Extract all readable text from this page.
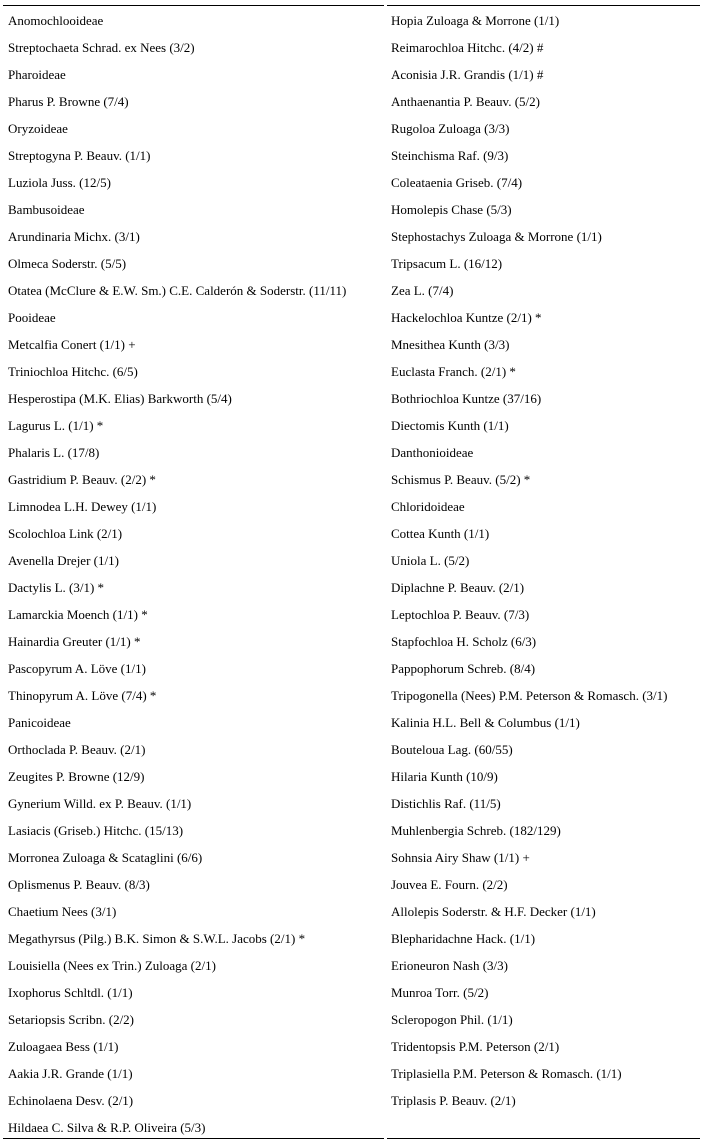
Anomochlooideae
Streptochaeta Schrad. ex Nees (3/2)
Pharoideae
Pharus P. Browne (7/4)
Oryzoideae
Streptogyna P. Beauv. (1/1)
Luziola Juss. (12/5)
Bambusoideae
Arundinaria Michx. (3/1)
Olmeca Soderstr. (5/5)
Otatea (McClure & E.W. Sm.) C.E. Calderón & Soderstr. (11/11)
Pooideae
Metcalfia Conert (1/1) +
Triniochloa Hitchc. (6/5)
Hesperostipa (M.K. Elias) Barkworth (5/4)
Lagurus L. (1/1) *
Phalaris L. (17/8)
Gastridium P. Beauv. (2/2) *
Limnodea L.H. Dewey (1/1)
Scolochloa Link (2/1)
Avenella Drejer (1/1)
Dactylis L. (3/1) *
Lamarckia Moench (1/1) *
Hainardia Greuter (1/1) *
Pascopyrum A. Löve (1/1)
Thinopyrum A. Löve (7/4) *
Panicoideae
Orthoclada P. Beauv. (2/1)
Zeugites P. Browne (12/9)
Gynerium Willd. ex P. Beauv. (1/1)
Lasiacis (Griseb.) Hitchc. (15/13)
Morronea Zuloaga & Scataglini (6/6)
Oplismenus P. Beauv. (8/3)
Chaetium Nees (3/1)
Megathyrsus (Pilg.) B.K. Simon & S.W.L. Jacobs (2/1) *
Louisiella (Nees ex Trin.) Zuloaga (2/1)
Ixophorus Schltdl. (1/1)
Setariopsis Scribn. (2/2)
Zuloagaea Bess (1/1)
Aakia J.R. Grande (1/1)
Echinolaena Desv. (2/1)
Hildaea C. Silva & R.P. Oliveira (5/3)
Hopia Zuloaga & Morrone (1/1)
Reimarochloa Hitchc. (4/2) #
Aconisia J.R. Grandis (1/1) #
Anthaenantia P. Beauv. (5/2)
Rugoloa Zuloaga (3/3)
Steinchisma Raf. (9/3)
Coleataenia Griseb. (7/4)
Homolepis Chase (5/3)
Stephostachys Zuloaga & Morrone (1/1)
Tripsacum L. (16/12)
Zea L. (7/4)
Hackelochloa Kuntze (2/1) *
Mnesithea Kunth (3/3)
Euclasta Franch. (2/1) *
Bothriochloa Kuntze (37/16)
Diectomis Kunth (1/1)
Danthonioideae
Schismus P. Beauv. (5/2) *
Chloridoideae
Cottea Kunth (1/1)
Uniola L. (5/2)
Diplachne P. Beauv. (2/1)
Leptochloa P. Beauv. (7/3)
Stapfochloa H. Scholz (6/3)
Pappophorum Schreb. (8/4)
Tripogonella (Nees) P.M. Peterson & Romasch. (3/1)
Kalinia H.L. Bell & Columbus (1/1)
Bouteloua Lag. (60/55)
Hilaria Kunth (10/9)
Distichlis Raf. (11/5)
Muhlenbergia Schreb. (182/129)
Sohnsia Airy Shaw (1/1) +
Jouvea E. Fourn. (2/2)
Allolepis Soderstr. & H.F. Decker (1/1)
Blepharidachne Hack. (1/1)
Erioneuron Nash (3/3)
Munroa Torr. (5/2)
Scleropogon Phil. (1/1)
Tridentopsis P.M. Peterson (2/1)
Triplasiella P.M. Peterson & Romasch. (1/1)
Triplasis P. Beauv. (2/1)
